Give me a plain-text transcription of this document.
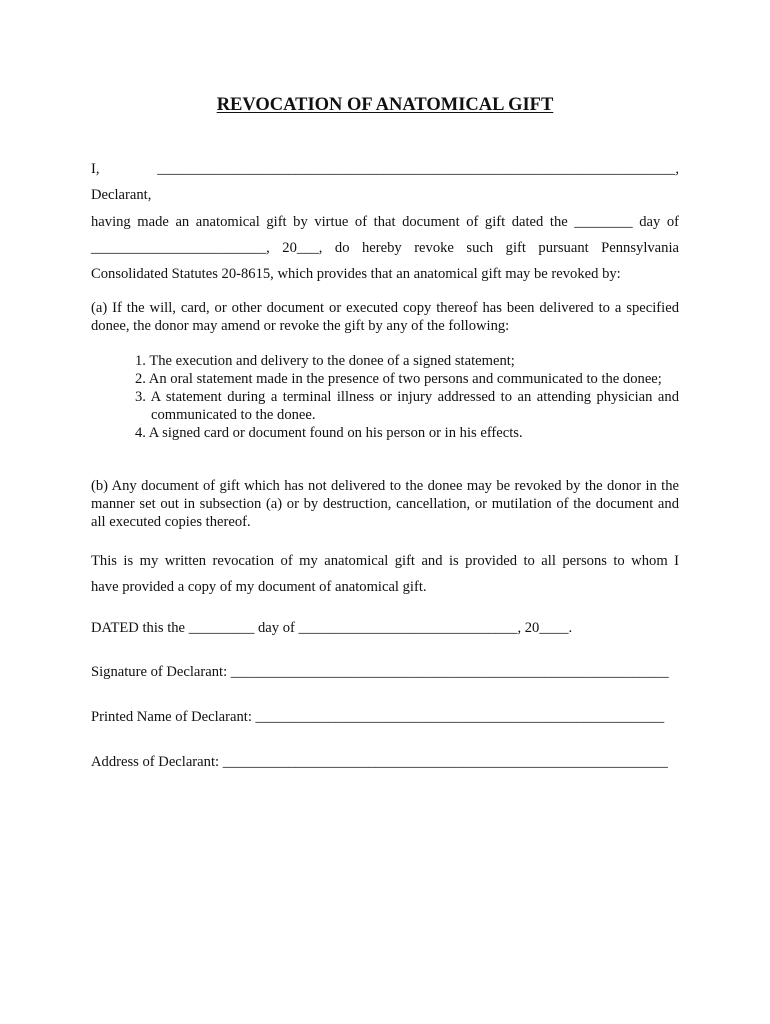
REVOCATION OF ANATOMICAL GIFT

I, _______________________________________________________________________, Declarant,
having made an anatomical gift by virtue of that document of gift dated the ________ day of
________________________, 20___, do hereby revoke such gift pursuant Pennsylvania
Consolidated Statutes 20-8615, which provides that an anatomical gift may be revoked by:

(a) If the will, card, or other document or executed copy thereof has been delivered to a specified donee, the donor may amend or revoke the gift by any of the following:

1. The execution and delivery to the donee of a signed statement;
2. An oral statement made in the presence of two persons and communicated to the donee;
3. A statement during a terminal illness or injury addressed to an attending physician and communicated to the donee.
4. A signed card or document found on his person or in his effects.

(b) Any document of gift which has not delivered to the donee may be revoked by the donor in the manner set out in subsection (a) or by destruction, cancellation, or mutilation of the document and all executed copies thereof.

This is my written revocation of my anatomical gift and is provided to all persons to whom I
have provided a copy of my document of anatomical gift.

DATED this the _________ day of ______________________________, 20____.

Signature of Declarant: ____________________________________________________________

Printed Name of Declarant: ________________________________________________________

Address of Declarant: _____________________________________________________________
